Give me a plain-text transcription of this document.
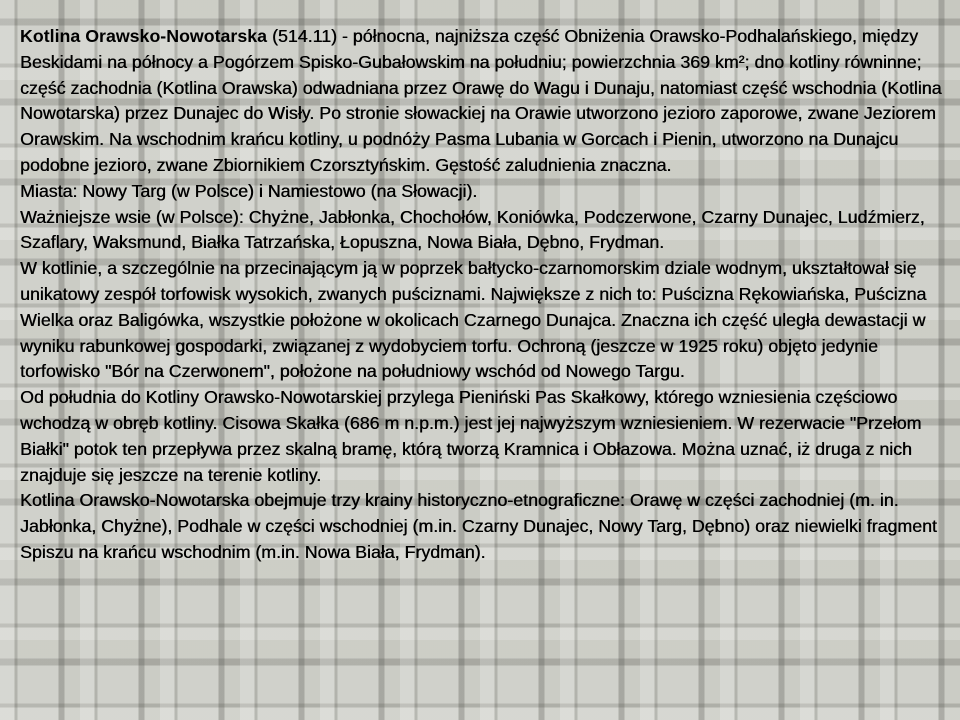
Kotlina Orawsko-Nowotarska (514.11) - północna, najniższa część Obniżenia Orawsko-Podhalańskiego, między Beskidami na północy a Pogórzem Spisko-Gubałowskim na południu; powierzchnia 369 km²; dno kotliny równinne; część zachodnia (Kotlina Orawska) odwadniana przez Orawę do Wagu i Dunaju, natomiast część wschodnia (Kotlina Nowotarska) przez Dunajec do Wisły. Po stronie słowackiej na Orawie utworzono jezioro zaporowe, zwane Jeziorem Orawskim. Na wschodnim krańcu kotliny, u podnóży Pasma Lubania w Gorcach i Pienin, utworzono na Dunajcu podobne jezioro, zwane Zbiornikiem Czorsztyńskim. Gęstość zaludnienia znaczna.

Miasta: Nowy Targ (w Polsce) i Namiestowo (na Słowacji).

Ważniejsze wsie (w Polsce): Chyżne, Jabłonka, Chochołów, Koniówka, Podczerwone, Czarny Dunajec, Ludźmierz, Szaflary, Waksmund, Białka Tatrzańska, Łopuszna, Nowa Biała, Dębno, Frydman.

W kotlinie, a szczególnie na przecinającym ją w poprzek bałtycko-czarnomorskim dziale wodnym, ukształtował się unikatowy zespół torfowisk wysokich, zwanych puściznami. Największe z nich to: Puścizna Rękowiańska, Puścizna Wielka oraz Baligówka, wszystkie położone w okolicach Czarnego Dunajca. Znaczna ich część uległa dewastacji w wyniku rabunkowej gospodarki, związanej z wydobyciem torfu. Ochroną (jeszcze w 1925 roku) objęto jedynie torfowisko "Bór na Czerwonem", położone na południowy wschód od Nowego Targu.

Od południa do Kotliny Orawsko-Nowotarskiej przylega Pieniński Pas Skałkowy, którego wzniesienia częściowo wchodzą w obręb kotliny. Cisowa Skałka (686 m n.p.m.) jest jej najwyższym wzniesieniem. W rezerwacie "Przełom Białki" potok ten przepływa przez skalną bramę, którą tworzą Kramnica i Obłazowa. Można uznać, iż druga z nich znajduje się jeszcze na terenie kotliny.

Kotlina Orawsko-Nowotarska obejmuje trzy krainy historyczno-etnograficzne: Orawę w części zachodniej (m. in. Jabłonka, Chyżne), Podhale w części wschodniej (m.in. Czarny Dunajec, Nowy Targ, Dębno) oraz niewielki fragment Spiszu na krańcu wschodnim (m.in. Nowa Biała, Frydman).
